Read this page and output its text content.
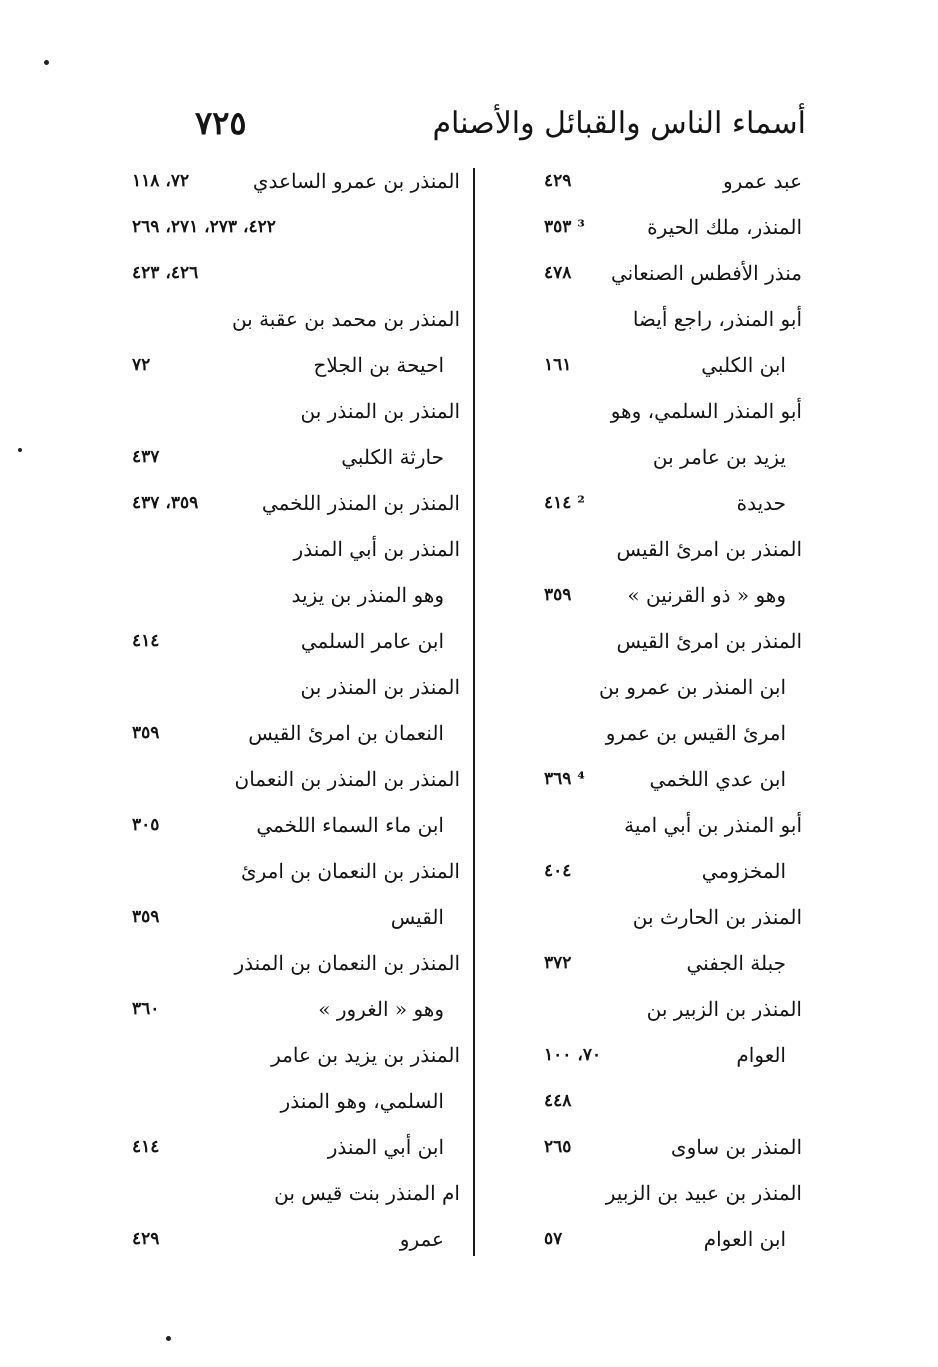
٧٢٥	أسماء الناس والقبائل والأصنام
عبد عمرو
٤٢٩
المنذر، ملك الحيرة
٣٥٣ ³
منذر الأفطس الصنعاني
٤٧٨
أبو المنذر، راجع أيضا
ابن الكلبي
١٦١
أبو المنذر السلمي، وهو
يزيد بن عامر بن
حديدة
٤١٤ ²
المنذر بن امرئ القيس
وهو « ذو القرنين »
٣٥٩
المنذر بن امرئ القيس
ابن المنذر بن عمرو بن
امرئ القيس بن عمرو
ابن عدي اللخمي
٣٦٩ ⁴
أبو المنذر بن أبي امية
المخزومي
٤٠٤
المنذر بن الحارث بن
جبلة الجفني
٣٧٢
المنذر بن الزبير بن
العوام
٧٠، ١٠٠
٤٤٨
المنذر بن ساوى
٢٦٥
المنذر بن عبيد بن الزبير
ابن العوام
٥٧
المنذر بن عمرو الساعدي
٧٢، ١١٨
٤٢٢، ٢٧٣، ٢٧١، ٢٦٩
٤٢٦، ٤٢٣
المنذر بن محمد بن عقبة بن
احيحة بن الجلاح
٧٢
المنذر بن المنذر بن
حارثة الكلبي
٤٣٧
المنذر بن المنذر اللخمي
٣٥٩، ٤٣٧
المنذر بن أبي المنذر
وهو المنذر بن يزيد
ابن عامر السلمي
٤١٤
المنذر بن المنذر بن
النعمان بن امرئ القيس
٣٥٩
المنذر بن المنذر بن النعمان
ابن ماء السماء اللخمي
٣٠٥
المنذر بن النعمان بن امرئ
القيس
٣٥٩
المنذر بن النعمان بن المنذر
وهو « الغرور »
٣٦٠
المنذر بن يزيد بن عامر
السلمي، وهو المنذر
ابن أبي المنذر
٤١٤
ام المنذر بنت قيس بن
عمرو
٤٢٩
